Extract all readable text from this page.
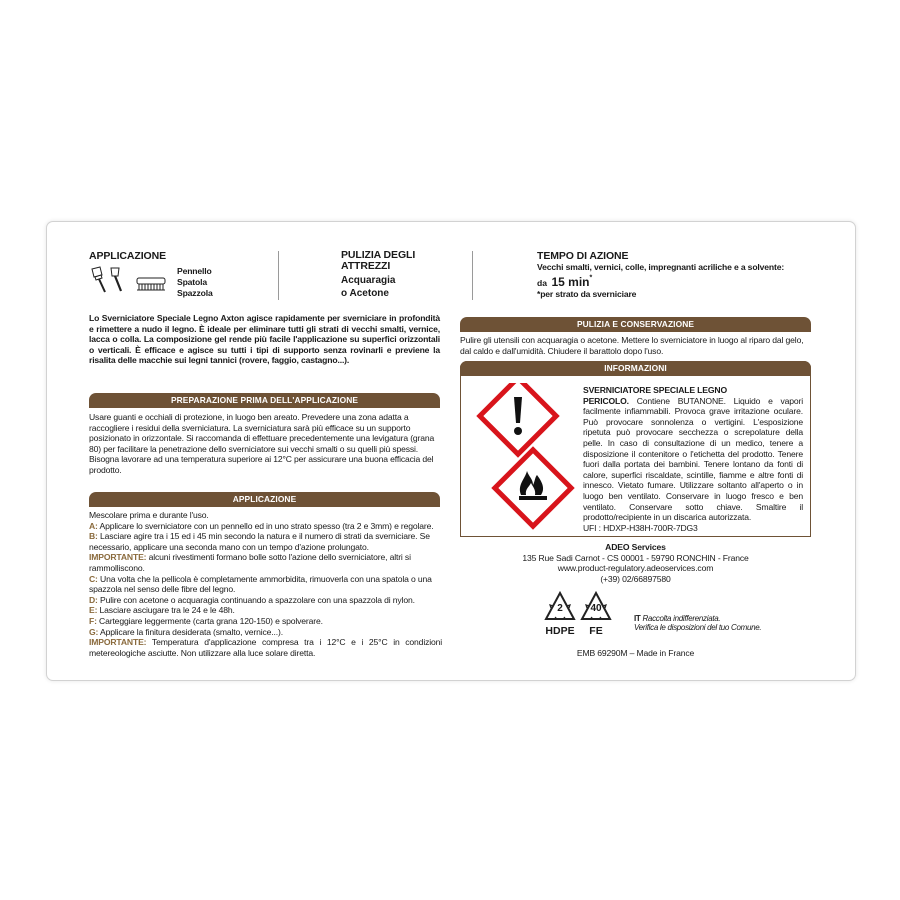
APPLICAZIONE
Pennello
Spatola
Spazzola
PULIZIA DEGLI
ATTREZZI
Acquaragia
o Acetone
TEMPO DI AZIONE
Vecchi smalti, vernici, colle, impregnanti acriliche e a solvente:
da 15 min*
*per strato da sverniciare
Lo Sverniciatore Speciale Legno Axton agisce rapidamente per sverniciare in profondità e rimettere a nudo il legno. È ideale per eliminare tutti gli strati di vecchi smalti, vernice, lacca o colla. La composizione gel rende più facile l'applicazione su superfici orizzontali o verticali. È efficace e agisce su tutti i tipi di supporto senza rovinarli e previene la risalita delle macchie sui legni tannici (rovere, faggio, castagno...).
PREPARAZIONE PRIMA DELL'APPLICAZIONE
Usare guanti e occhiali di protezione, in luogo ben areato. Prevedere una zona adatta a raccogliere i residui della sverniciatura. La sverniciatura sarà più efficace su un supporto posizionato in orizzontale. Si raccomanda di effettuare precedentemente una levigatura (grana 80) per facilitare la penetrazione dello sverniciatore sui vecchi smalti o su quelli più spessi. Bisogna lavorare ad una temperatura superiore ai 12°C per assicurare una buona efficacia del prodotto.
APPLICAZIONE
Mescolare prima e durante l'uso.
A: Applicare lo sverniciatore con un pennello ed in uno strato spesso (tra 2 e 3mm) e regolare.
B: Lasciare agire tra i 15 ed i 45 min secondo la natura e il numero di strati da sverniciare. Se necessario, applicare una seconda mano con un tempo d'azione prolungato.
IMPORTANTE: alcuni rivestimenti formano bolle sotto l'azione dello sverniciatore, altri si rammolliscono.
C: Una volta che la pellicola è completamente ammorbidita, rimuoverla con una spatola o una spazzola nel senso delle fibre del legno.
D: Pulire con acetone o acquaragia continuando a spazzolare con una spazzola di nylon.
E: Lasciare asciugare tra le 24 e le 48h.
F: Carteggiare leggermente (carta grana 120-150) e spolverare.
G: Applicare la finitura desiderata (smalto, vernice...).
IMPORTANTE: Temperatura d'applicazione compresa tra i 12°C e i 25°C in condizioni metereologiche asciutte. Non utilizzare alla luce solare diretta.
PULIZIA E CONSERVAZIONE
Pulire gli utensili con acquaragia o acetone. Mettere lo sverniciatore in luogo al riparo dal gelo, dal caldo e dall'umidità. Chiudere il barattolo dopo l'uso.
INFORMAZIONI
SVERNICIATORE SPECIALE LEGNO
PERICOLO. Contiene BUTANONE. Liquido e vapori facilmente infiammabili. Provoca grave irritazione oculare. Può provocare sonnolenza o vertigini. L'esposizione ripetuta può provocare secchezza o screpolature della pelle. In caso di consultazione di un medico, tenere a disposizione il contenitore o l'etichetta del prodotto. Tenere fuori dalla portata dei bambini. Tenere lontano da fonti di calore, superfici riscaldate, scintille, fiamme e altre fonti di innesco. Vietato fumare. Utilizzare soltanto all'aperto o in luogo ben ventilato. Conservare in luogo fresco e ben ventilato. Conservare sotto chiave. Smaltire il prodotto/recipiente in un discarica autorizzata.
UFI : HDXP-H38H-700R-7DG3
ADEO Services
135 Rue Sadi Carnot - CS 00001 - 59790 RONCHIN - France
www.product-regulatory.adeoservices.com
(+39) 02/66897580
2
HDPE
40
FE
IT Raccolta indifferenziata.
Verifica le disposizioni del tuo Comune.
EMB 69290M – Made in France
